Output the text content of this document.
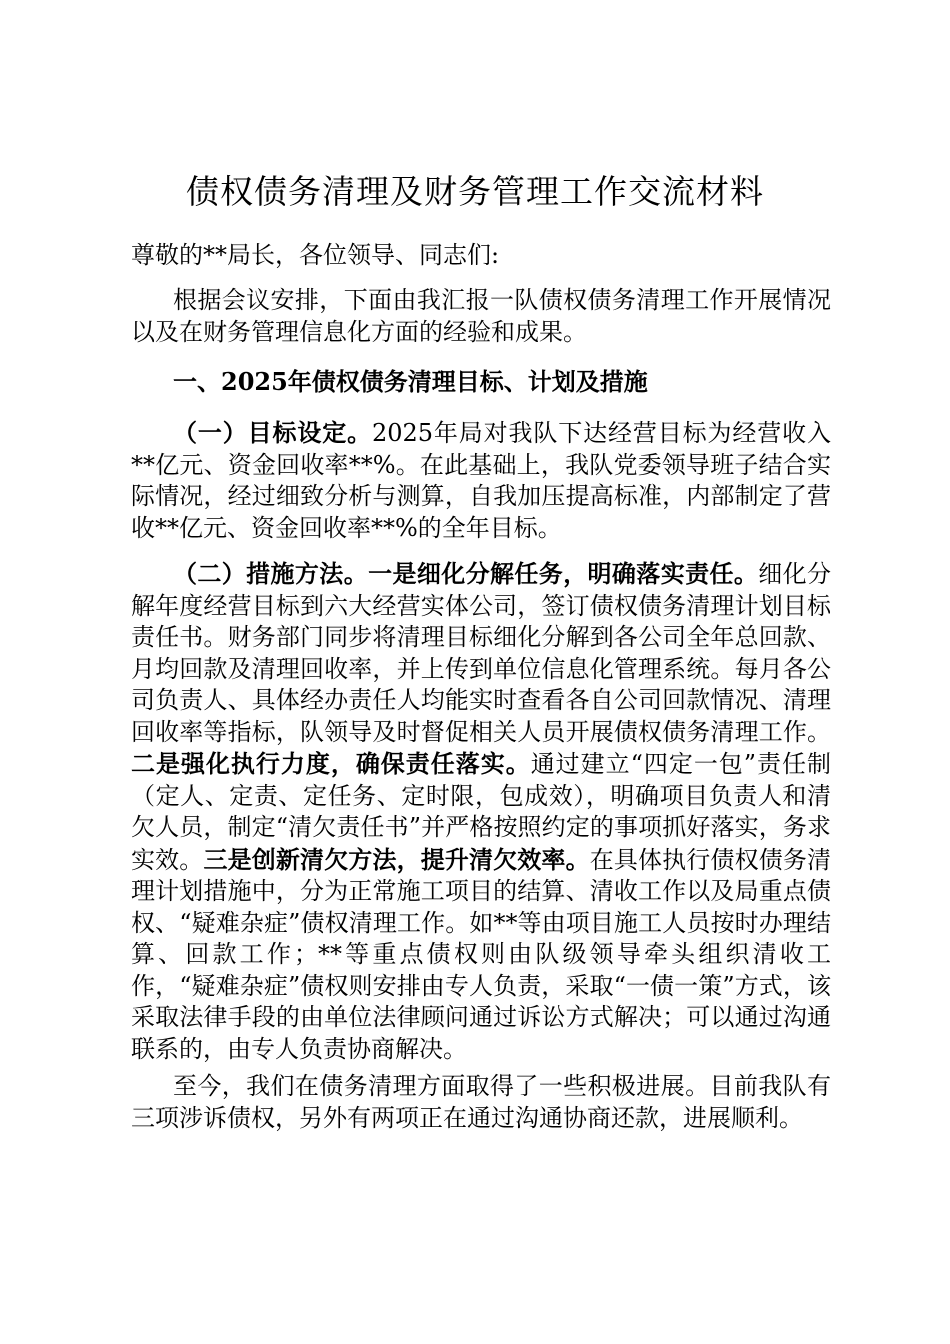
债权债务清理及财务管理工作交流材料
尊敬的**局长，各位领导、同志们:
根据会议安排，下面由我汇报一队债权债务清理工作开展情况以及在财务管理信息化方面的经验和成果。
一、2025年债权债务清理目标、计划及措施
（一）目标设定。2025年局对我队下达经营目标为经营收入**亿元、资金回收率**%。在此基础上，我队党委领导班子结合实际情况，经过细致分析与测算，自我加压提高标准，内部制定了营收**亿元、资金回收率**%的全年目标。
（二）措施方法。一是细化分解任务，明确落实责任。细化分解年度经营目标到六大经营实体公司，签订债权债务清理计划目标责任书。财务部门同步将清理目标细化分解到各公司全年总回款、月均回款及清理回收率，并上传到单位信息化管理系统。每月各公司负责人、具体经办责任人均能实时查看各自公司回款情况、清理回收率等指标，队领导及时督促相关人员开展债权债务清理工作。二是强化执行力度，确保责任落实。通过建立“四定一包”责任制（定人、定责、定任务、定时限，包成效），明确项目负责人和清欠人员，制定“清欠责任书”并严格按照约定的事项抓好落实，务求实效。三是创新清欠方法，提升清欠效率。在具体执行债权债务清理计划措施中，分为正常施工项目的结算、清收工作以及局重点债权、“疑难杂症”债权清理工作。如**等由项目施工人员按时办理结算、回款工作；**等重点债权则由队级领导牵头组织清收工作，“疑难杂症”债权则安排由专人负责，采取“一债一策”方式，该采取法律手段的由单位法律顾问通过诉讼方式解决；可以通过沟通联系的，由专人负责协商解决。
至今，我们在债务清理方面取得了一些积极进展。目前我队有三项涉诉债权，另外有两项正在通过沟通协商还款，进展顺利。
